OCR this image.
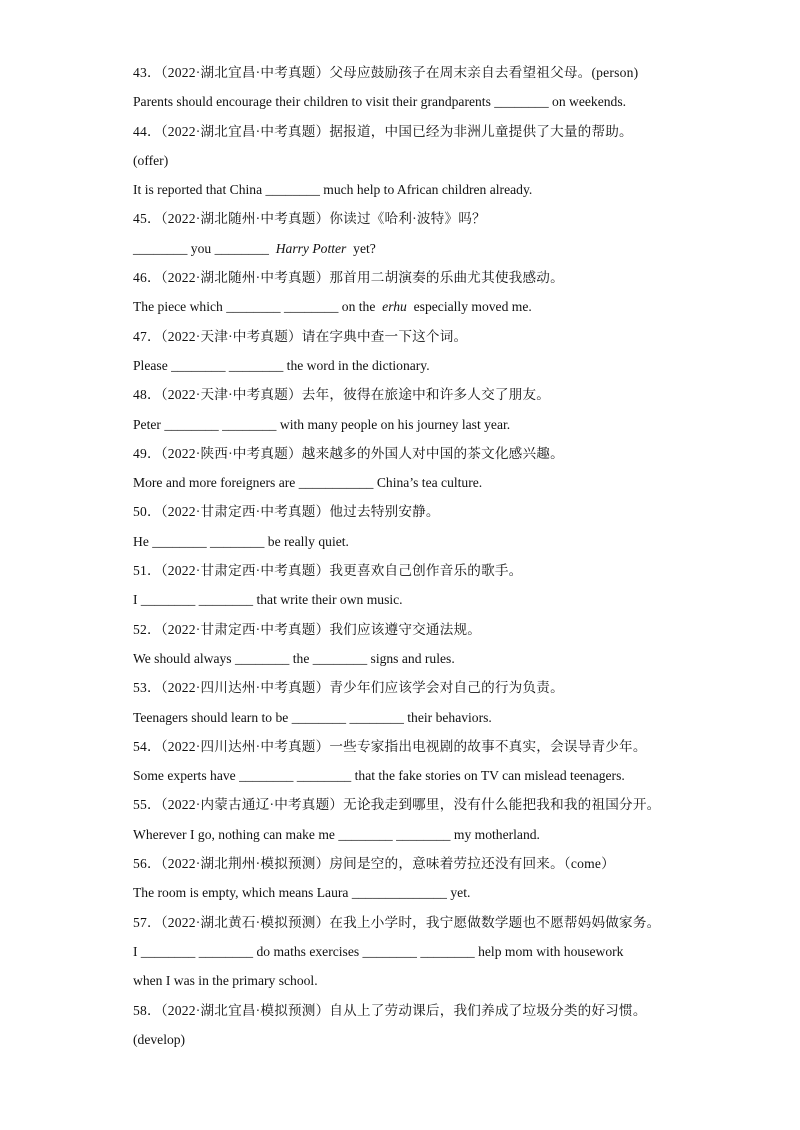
43．（2022·湖北宜昌·中考真题）父母应鼓励孩子在周末亲自去看望祖父母。(person)
Parents should encourage their children to visit their grandparents ________ on weekends.
44．（2022·湖北宜昌·中考真题）据报道，中国已经为非洲儿童提供了大量的帮助。
(offer)
It is reported that China ________ much help to African children already.
45．（2022·湖北随州·中考真题）你读过《哈利·波特》吗？
________ you ________  Harry Potter  yet?
46．（2022·湖北随州·中考真题）那首用二胡演奏的乐曲尤其使我感动。
The piece which ________ ________ on the  erhu  especially moved me.
47．（2022·天津·中考真题）请在字典中查一下这个词。
Please ________ ________ the word in the dictionary.
48．（2022·天津·中考真题）去年，彼得在旅途中和许多人交了朋友。
Peter ________ ________ with many people on his journey last year.
49．（2022·陕西·中考真题）越来越多的外国人对中国的茶文化感兴趣。
More and more foreigners are ___________ China’s tea culture.
50．（2022·甘肃定西·中考真题）他过去特别安静。
He ________ ________ be really quiet.
51．（2022·甘肃定西·中考真题）我更喜欢自己创作音乐的歌手。
I ________ ________ that write their own music.
52．（2022·甘肃定西·中考真题）我们应该遵守交通法规。
We should always ________ the ________ signs and rules.
53．（2022·四川达州·中考真题）青少年们应该学会对自己的行为负责。
Teenagers should learn to be ________ ________ their behaviors.
54．（2022·四川达州·中考真题）一些专家指出电视剧的故事不真实，会误导青少年。
Some experts have ________ ________ that the fake stories on TV can mislead teenagers.
55．（2022·内蒙古通辽·中考真题）无论我走到哪里，没有什么能把我和我的祖国分开。
Wherever I go, nothing can make me ________ ________ my motherland.
56．（2022·湖北荆州·模拟预测）房间是空的，意味着劳拉还没有回来。（come）
The room is empty, which means Laura ______________ yet.
57．（2022·湖北黄石·模拟预测）在我上小学时，我宁愿做数学题也不愿帮妈妈做家务。
I ________ ________ do maths exercises ________ ________ help mom with housework
when I was in the primary school.
58．（2022·湖北宜昌·模拟预测）自从上了劳动课后，我们养成了垃圾分类的好习惯。
(develop)
